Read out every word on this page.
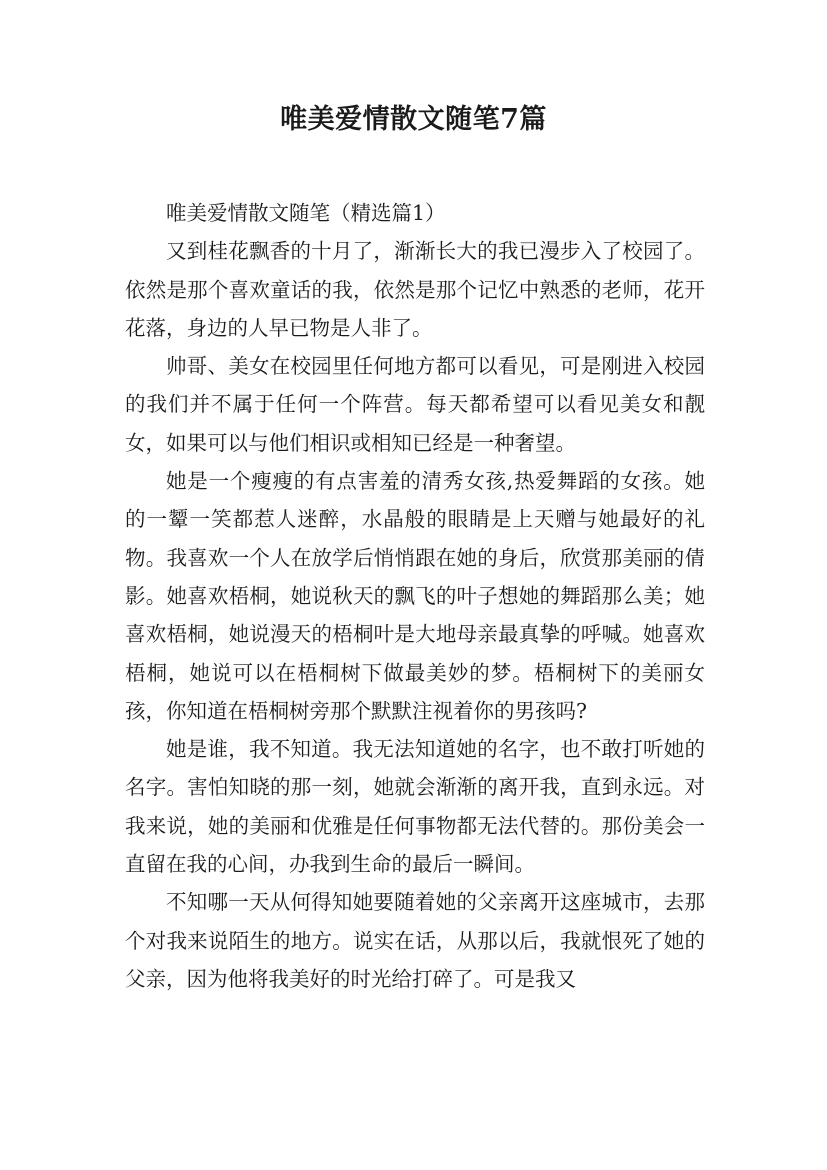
唯美爱情散文随笔7篇

唯美爱情散文随笔（精选篇1）

又到桂花飘香的十月了，渐渐长大的我已漫步入了校园了。依然是那个喜欢童话的我，依然是那个记忆中熟悉的老师，花开花落，身边的人早已物是人非了。

帅哥、美女在校园里任何地方都可以看见，可是刚进入校园的我们并不属于任何一个阵营。每天都希望可以看见美女和靓女，如果可以与他们相识或相知已经是一种奢望。

她是一个瘦瘦的有点害羞的清秀女孩,热爱舞蹈的女孩。她的一颦一笑都惹人迷醉，水晶般的眼睛是上天赠与她最好的礼物。我喜欢一个人在放学后悄悄跟在她的身后，欣赏那美丽的倩影。她喜欢梧桐，她说秋天的飘飞的叶子想她的舞蹈那么美；她喜欢梧桐，她说漫天的梧桐叶是大地母亲最真挚的呼喊。她喜欢梧桐，她说可以在梧桐树下做最美妙的梦。梧桐树下的美丽女孩，你知道在梧桐树旁那个默默注视着你的男孩吗?

她是谁，我不知道。我无法知道她的名字，也不敢打听她的名字。害怕知晓的那一刻，她就会渐渐的离开我，直到永远。对我来说，她的美丽和优雅是任何事物都无法代替的。那份美会一直留在我的心间，办我到生命的最后一瞬间。

不知哪一天从何得知她要随着她的父亲离开这座城市，去那个对我来说陌生的地方。说实在话，从那以后，我就恨死了她的父亲，因为他将我美好的时光给打碎了。可是我又
